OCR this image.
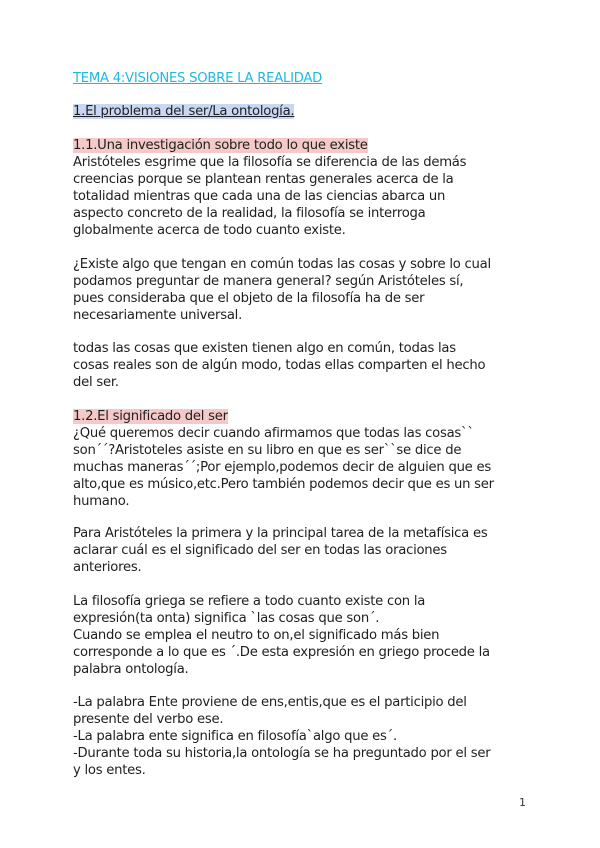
TEMA 4:VISIONES SOBRE LA REALIDAD
1.El problema del ser/La ontología.
1.1.Una investigación sobre todo lo que existe
Aristóteles esgrime que la filosofía se diferencia de las demás
creencias porque se plantean rentas generales acerca de la
totalidad mientras que cada una de las ciencias abarca un
aspecto concreto de la realidad, la filosofía se interroga
globalmente acerca de todo cuanto existe.
¿Existe algo que tengan en común todas las cosas y sobre lo cual
podamos preguntar de manera general? según Aristóteles sí,
pues consideraba que el objeto de la filosofía ha de ser
necesariamente universal.
todas las cosas que existen tienen algo en común, todas las
cosas reales son de algún modo, todas ellas comparten el hecho
del ser.
1.2.El significado del ser
¿Qué queremos decir cuando afirmamos que todas las cosas``
son´´?Aristoteles asiste en su libro en que es ser``se dice de
muchas maneras´´;Por ejemplo,podemos decir de alguien que es
alto,que es músico,etc.Pero también podemos decir que es un ser
humano.
Para Aristóteles la primera y la principal tarea de la metafísica es
aclarar cuál es el significado del ser en todas las oraciones
anteriores.
La filosofía griega se refiere a todo cuanto existe con la
expresión(ta onta) significa `las cosas que son´.
Cuando se emplea el neutro to on,el significado más bien
corresponde a lo que es ´.De esta expresión en griego procede la
palabra ontología.
-La palabra Ente proviene de ens,entis,que es el participio del
presente del verbo ese.
-La palabra ente significa en filosofía`algo que es´.
-Durante toda su historia,la ontología se ha preguntado por el ser
y los entes.
1
